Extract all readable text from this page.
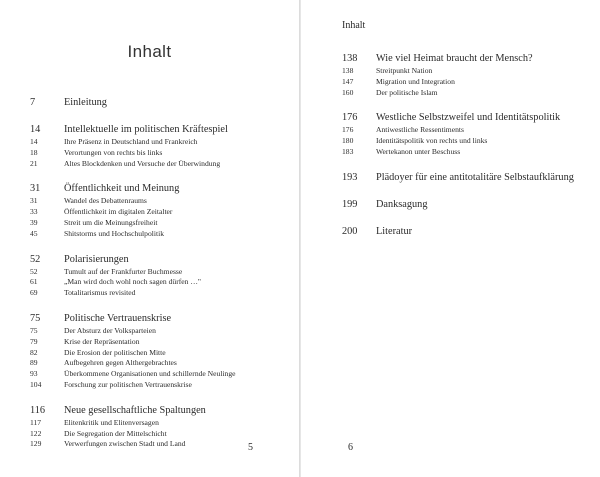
Inhalt
7	Einleitung
14	Intellektuelle im politischen Kräftespiel
14	Ihre Präsenz in Deutschland und Frankreich
18	Verortungen von rechts bis links
21	Altes Blockdenken und Versuche der Überwindung
31	Öffentlichkeit und Meinung
31	Wandel des Debattenraums
33	Öffentlichkeit im digitalen Zeitalter
39	Streit um die Meinungsfreiheit
45	Shitstorms und Hochschulpolitik
52	Polarisierungen
52	Tumult auf der Frankfurter Buchmesse
61	„Man wird doch wohl noch sagen dürfen …"
69	Totalitarismus revisited
75	Politische Vertrauenskrise
75	Der Absturz der Volksparteien
79	Krise der Repräsentation
82	Die Erosion der politischen Mitte
89	Aufbegehren gegen Althergebrachtes
93	Überkommene Organisationen und schillernde Neulinge
104	Forschung zur politischen Vertrauenskrise
116	Neue gesellschaftliche Spaltungen
117	Elitenkritik und Elitenversagen
122	Die Segregation der Mittelschicht
129	Verwerfungen zwischen Stadt und Land	5
Inhalt
138	Wie viel Heimat braucht der Mensch?
138	Streitpunkt Nation
147	Migration und Integration
160	Der politische Islam
176	Westliche Selbstzweifel und Identitätspolitik
176	Antiwestliche Ressentiments
180	Identitätspolitik von rechts und links
183	Wertekanon unter Beschuss
193	Plädoyer für eine antitotalitäre Selbstaufklärung
199	Danksagung
200	Literatur
6
